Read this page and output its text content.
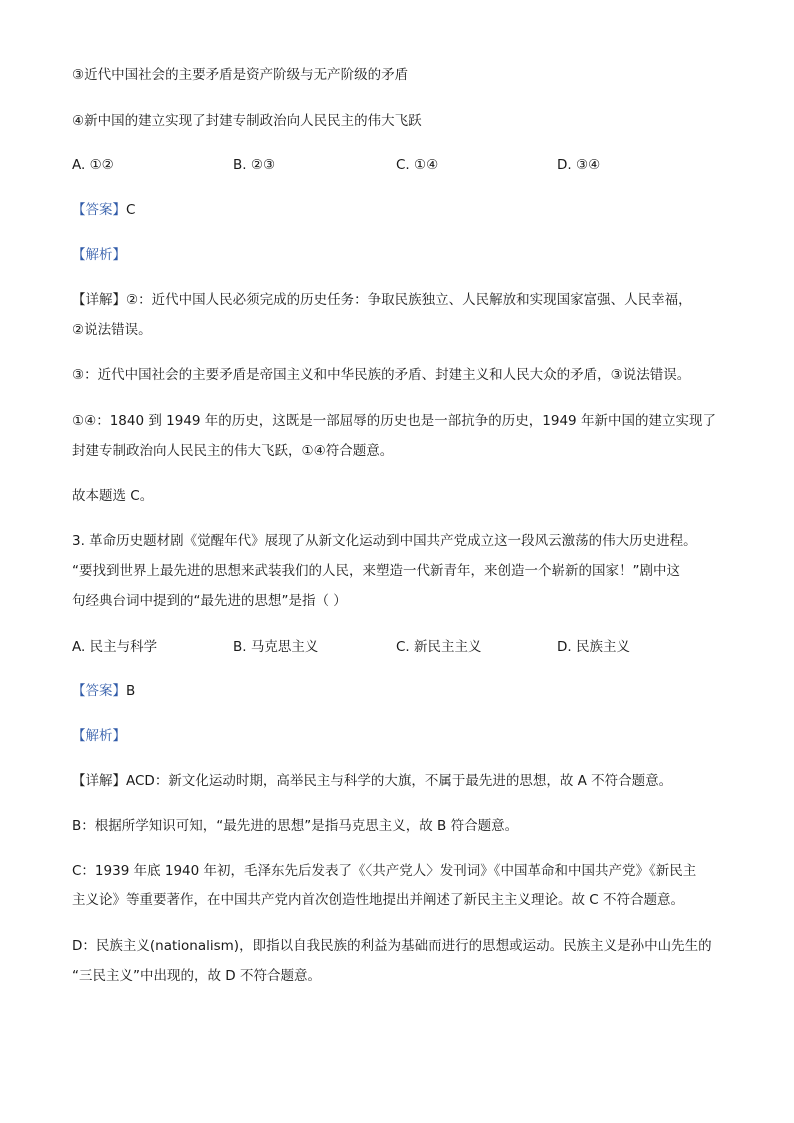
③近代中国社会的主要矛盾是资产阶级与无产阶级的矛盾
④新中国的建立实现了封建专制政治向人民民主的伟大飞跃
A. ①②	B. ②③	C. ①④	D. ③④
【答案】C
【解析】
【详解】②：近代中国人民必须完成的历史任务：争取民族独立、人民解放和实现国家富强、人民幸福，
②说法错误。
③：近代中国社会的主要矛盾是帝国主义和中华民族的矛盾、封建主义和人民大众的矛盾，③说法错误。
①④：1840 到 1949 年的历史，这既是一部屈辱的历史也是一部抗争的历史，1949 年新中国的建立实现了
封建专制政治向人民民主的伟大飞跃，①④符合题意。
故本题选 C。
3. 革命历史题材剧《觉醒年代》展现了从新文化运动到中国共产党成立这一段风云激荡的伟大历史进程。
“要找到世界上最先进的思想来武装我们的人民，来塑造一代新青年，来创造一个崭新的国家！”剧中这
句经典台词中提到的“最先进的思想”是指（ ）
A. 民主与科学	B. 马克思主义	C. 新民主主义	D. 民族主义
【答案】B
【解析】
【详解】ACD：新文化运动时期，高举民主与科学的大旗，不属于最先进的思想，故 A 不符合题意。
B：根据所学知识可知，“最先进的思想”是指马克思主义，故 B 符合题意。
C：1939 年底 1940 年初，毛泽东先后发表了《〈共产党人〉发刊词》《中国革命和中国共产党》《新民主
主义论》等重要著作，在中国共产党内首次创造性地提出并阐述了新民主主义理论。故 C 不符合题意。
D：民族主义(nationalism)，即指以自我民族的利益为基础而进行的思想或运动。民族主义是孙中山先生的
“三民主义”中出现的，故 D 不符合题意。
